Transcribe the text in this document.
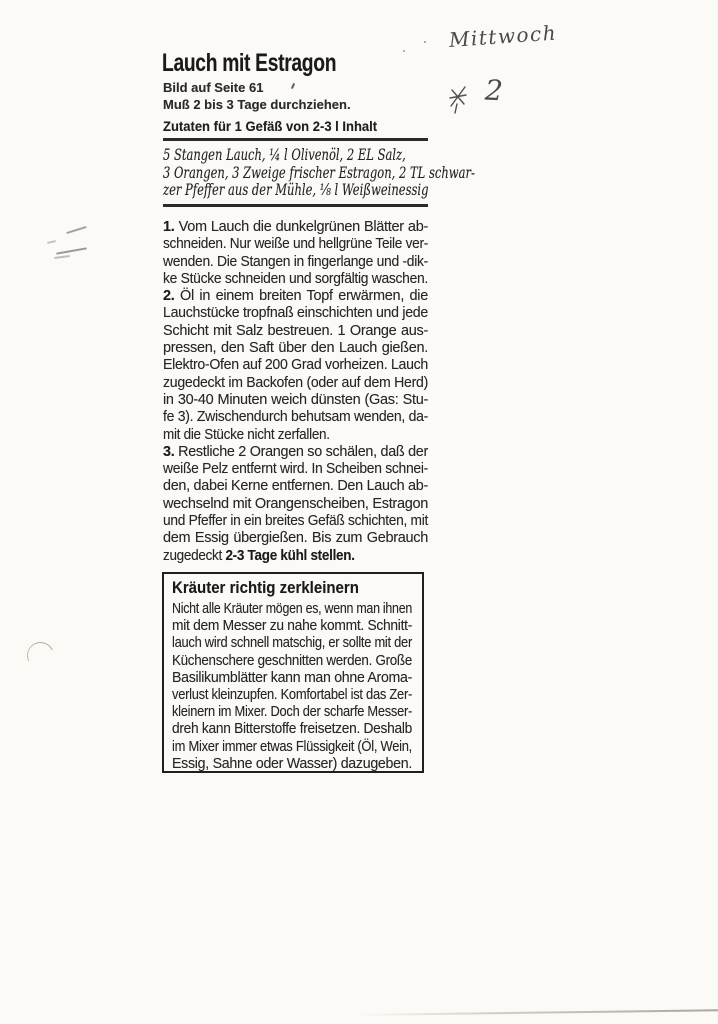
Lauch mit Estragon
Bild auf Seite 61
Muß 2 bis 3 Tage durchziehen.
Zutaten für 1 Gefäß von 2-3 l Inhalt
5 Stangen Lauch, ¼ l Olivenöl, 2 EL Salz,
3 Orangen, 3 Zweige frischer Estragon, 2 TL schwar-
zer Pfeffer aus der Mühle, ⅛ l Weißweinessig
1. Vom Lauch die dunkelgrünen Blätter ab-
schneiden. Nur weiße und hellgrüne Teile ver-
wenden. Die Stangen in fingerlange und -dik-
ke Stücke schneiden und sorgfältig waschen.
2. Öl in einem breiten Topf erwärmen, die
Lauchstücke tropfnaß einschichten und jede
Schicht mit Salz bestreuen. 1 Orange aus-
pressen, den Saft über den Lauch gießen.
Elektro-Ofen auf 200 Grad vorheizen. Lauch
zugedeckt im Backofen (oder auf dem Herd)
in 30-40 Minuten weich dünsten (Gas: Stu-
fe 3). Zwischendurch behutsam wenden, da-
mit die Stücke nicht zerfallen.
3. Restliche 2 Orangen so schälen, daß der
weiße Pelz entfernt wird. In Scheiben schnei-
den, dabei Kerne entfernen. Den Lauch ab-
wechselnd mit Orangenscheiben, Estragon
und Pfeffer in ein breites Gefäß schichten, mit
dem Essig übergießen. Bis zum Gebrauch
zugedeckt 2-3 Tage kühl stellen.
Kräuter richtig zerkleinern
Nicht alle Kräuter mögen es, wenn man ihnen
mit dem Messer zu nahe kommt. Schnitt-
lauch wird schnell matschig, er sollte mit der
Küchenschere geschnitten werden. Große
Basilikumblätter kann man ohne Aroma-
verlust kleinzupfen. Komfortabel ist das Zer-
kleinern im Mixer. Doch der scharfe Messer-
dreh kann Bitterstoffe freisetzen. Deshalb
im Mixer immer etwas Flüssigkeit (Öl, Wein,
Essig, Sahne oder Wasser) dazugeben.
Mittwoch
2
